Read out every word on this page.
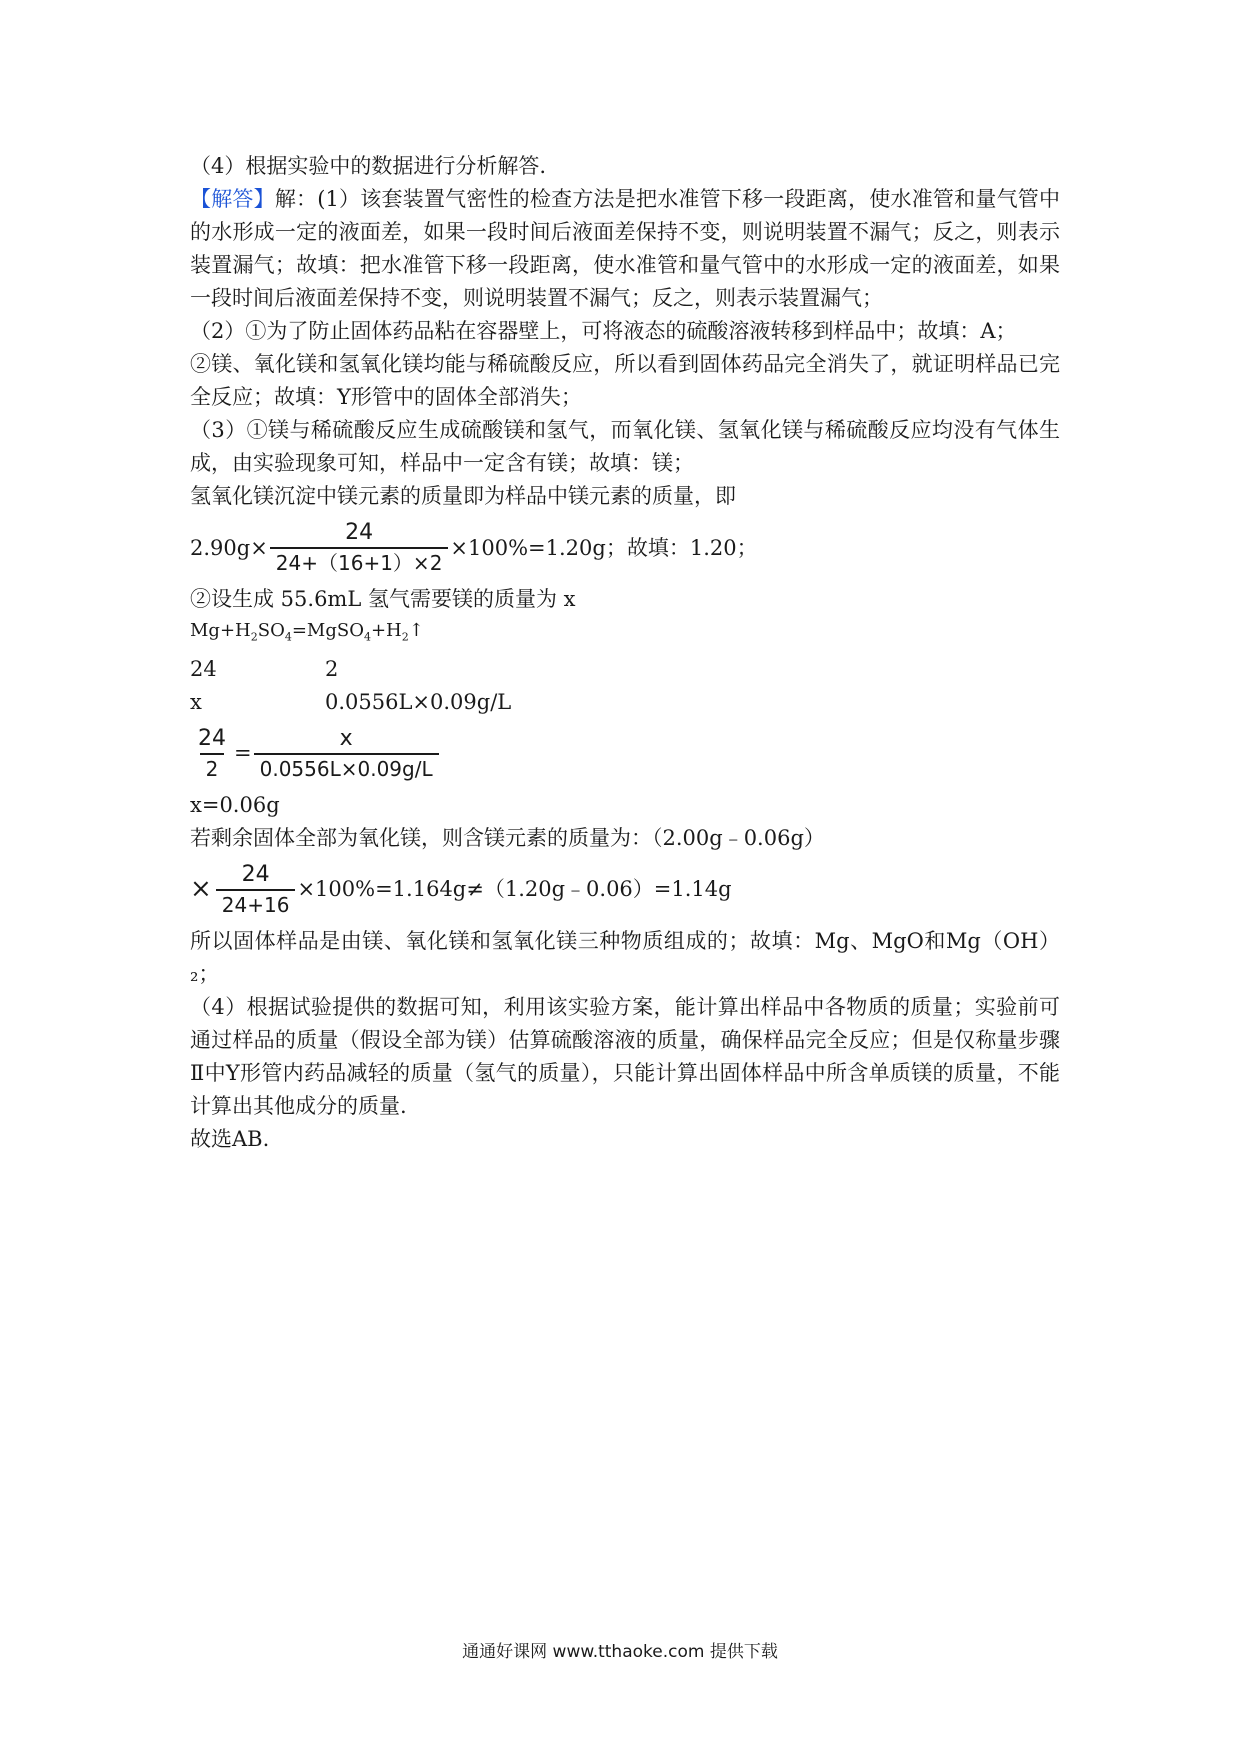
（4）根据实验中的数据进行分析解答.

【解答】解：(1）该套装置气密性的检查方法是把水准管下移一段距离，使水准管和量气管中的水形成一定的液面差，如果一段时间后液面差保持不变，则说明装置不漏气；反之，则表示装置漏气；故填：把水准管下移一段距离，使水准管和量气管中的水形成一定的液面差，如果一段时间后液面差保持不变，则说明装置不漏气；反之，则表示装置漏气；

（2）①为了防止固体药品粘在容器壁上，可将液态的硫酸溶液转移到样品中；故填：A；

②镁、氧化镁和氢氧化镁均能与稀硫酸反应，所以看到固体药品完全消失了，就证明样品已完全反应；故填：Y形管中的固体全部消失；

（3）①镁与稀硫酸反应生成硫酸镁和氢气，而氧化镁、氢氧化镁与稀硫酸反应均没有气体生成，由实验现象可知，样品中一定含有镁；故填：镁；

氢氧化镁沉淀中镁元素的质量即为样品中镁元素的质量，即

$2.90g\times \frac{24}{24+(16+1)\times 2} \times 100\%=1.20g$；故填：1.20；

②设生成 55.6mL 氢气需要镁的质量为 x

$Mg+H_2SO_4=MgSO_4+H_2↑$

24	2
x	0.0556L×0.09g/L
$\frac{24}{2} = \frac{x}{0.0556L\times 0.09g/L}$

x=0.06g

若剩余固体全部为氧化镁，则含镁元素的质量为：（2.00g﹣0.06g）

× $\frac{24}{24+16}$ ×100%=1.164g≠（1.20g﹣0.06）=1.14g

所以固体样品是由镁、氧化镁和氢氧化镁三种物质组成的；故填：Mg、MgO和Mg（OH）₂；

（4）根据试验提供的数据可知，利用该实验方案，能计算出样品中各物质的质量；实验前可通过样品的质量（假设全部为镁）估算硫酸溶液的质量，确保样品完全反应；但是仅称量步骤Ⅱ中Y形管内药品减轻的质量（氢气的质量），只能计算出固体样品中所含单质镁的质量，不能计算出其他成分的质量.

故选AB.

通通好课网 www.tthaoke.com 提供下载
